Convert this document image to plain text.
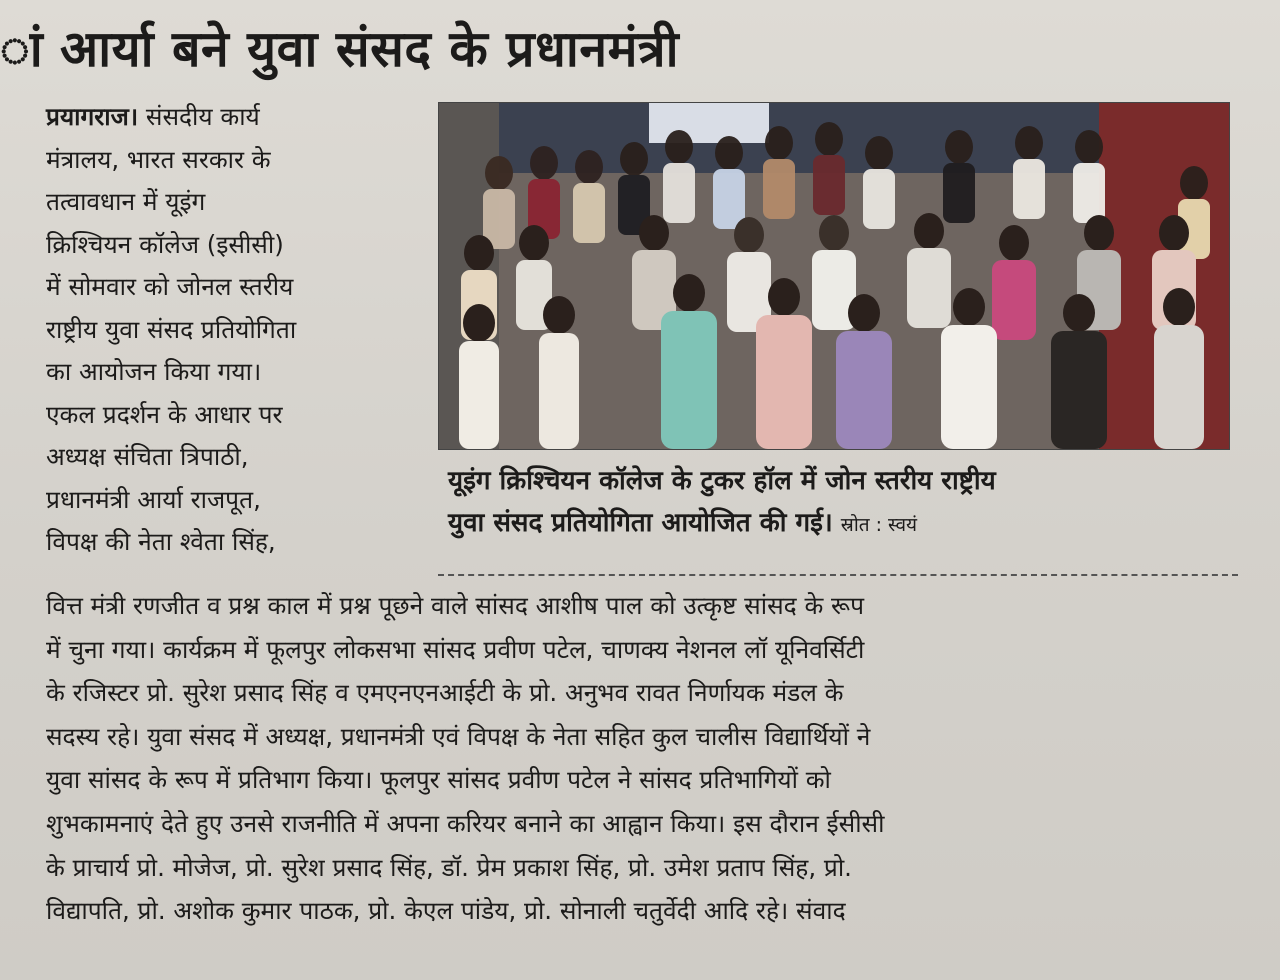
ां आर्या बने युवा संसद के प्रधानमंत्री
प्रयागराज। संसदीय कार्य
मंत्रालय, भारत सरकार के
तत्वावधान में यूइंग
क्रिश्चियन कॉलेज (इसीसी)
में सोमवार को जोनल स्तरीय
राष्ट्रीय युवा संसद प्रतियोगिता
का आयोजन किया गया।
एकल प्रदर्शन के आधार पर
अध्यक्ष संचिता त्रिपाठी,
प्रधानमंत्री आर्या राजपूत,
विपक्ष की नेता श्वेता सिंह,
यूइंग क्रिश्चियन कॉलेज के टुकर हॉल में जोन स्तरीय राष्ट्रीय
युवा संसद प्रतियोगिता आयोजित की गई। स्रोत : स्वयं
वित्त मंत्री रणजीत व प्रश्न काल में प्रश्न पूछने वाले सांसद आशीष पाल को उत्कृष्ट सांसद के रूप
में चुना गया। कार्यक्रम में फूलपुर लोकसभा सांसद प्रवीण पटेल, चाणक्य नेशनल लॉ यूनिवर्सिटी
के रजिस्टर प्रो. सुरेश प्रसाद सिंह व एमएनएनआईटी के प्रो. अनुभव रावत निर्णायक मंडल के
सदस्य रहे। युवा संसद में अध्यक्ष, प्रधानमंत्री एवं विपक्ष के नेता सहित कुल चालीस विद्यार्थियों ने
युवा सांसद के रूप में प्रतिभाग किया। फूलपुर सांसद प्रवीण पटेल ने सांसद प्रतिभागियों को
शुभकामनाएं देते हुए उनसे राजनीति में अपना करियर बनाने का आह्वान किया। इस दौरान ईसीसी
के प्राचार्य प्रो. मोजेज, प्रो. सुरेश प्रसाद सिंह, डॉ. प्रेम प्रकाश सिंह, प्रो. उमेश प्रताप सिंह, प्रो.
विद्यापति, प्रो. अशोक कुमार पाठक, प्रो. केएल पांडेय, प्रो. सोनाली चतुर्वेदी आदि रहे। संवाद
